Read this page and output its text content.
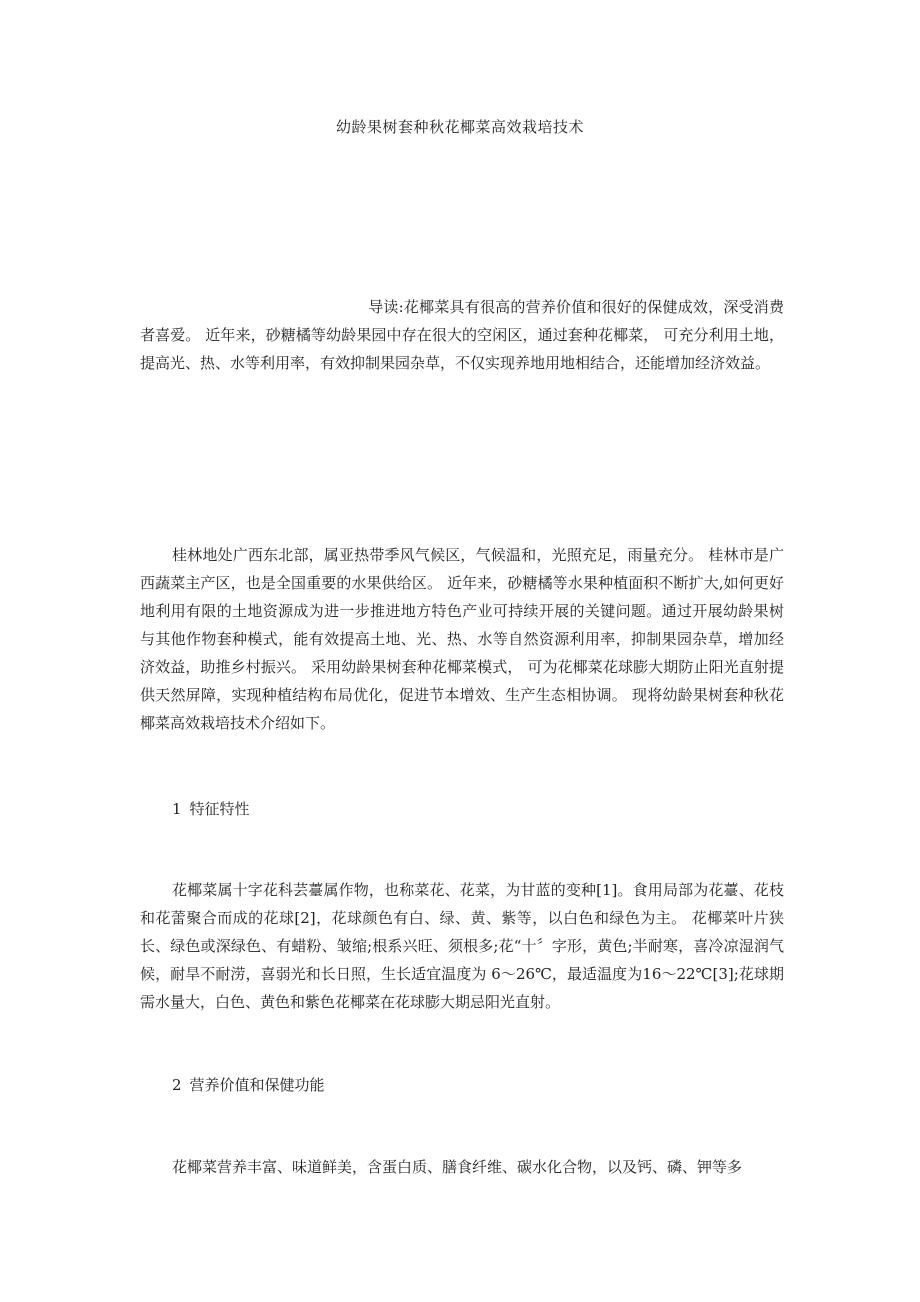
幼龄果树套种秋花椰菜高效栽培技术

导读:花椰菜具有很高的营养价值和很好的保健成效，深受消费者喜爱。 近年来，砂糖橘等幼龄果园中存在很大的空闲区，通过套种花椰菜， 可充分利用土地，提高光、热、水等利用率，有效抑制果园杂草，不仅实现养地用地相结合，还能增加经济效益。

桂林地处广西东北部，属亚热带季风气候区，气候温和，光照充足，雨量充分。 桂林市是广西蔬菜主产区，也是全国重要的水果供给区。 近年来，砂糖橘等水果种植面积不断扩大,如何更好地利用有限的土地资源成为进一步推进地方特色产业可持续开展的关键问题。通过开展幼龄果树与其他作物套种模式，能有效提高土地、光、热、水等自然资源利用率，抑制果园杂草，增加经济效益，助推乡村振兴。 采用幼龄果树套种花椰菜模式， 可为花椰菜花球膨大期防止阳光直射提供天然屏障，实现种植结构布局优化，促进节本增效、生产生态相协调。 现将幼龄果树套种秋花椰菜高效栽培技术介绍如下。

1 特征特性

花椰菜属十字花科芸薹属作物，也称菜花、花菜，为甘蓝的变种[1]。食用局部为花薹、花枝和花蕾聚合而成的花球[2]，花球颜色有白、绿、黄、紫等，以白色和绿色为主。 花椰菜叶片狭长、绿色或深绿色、有蜡粉、皱缩;根系兴旺、须根多;花“十〞字形，黄色;半耐寒，喜冷凉湿润气候，耐旱不耐涝，喜弱光和长日照，生长适宜温度为 6～26℃，最适温度为16～22℃[3];花球期需水量大，白色、黄色和紫色花椰菜在花球膨大期忌阳光直射。

2 营养价值和保健功能

花椰菜营养丰富、味道鲜美，含蛋白质、膳食纤维、碳水化合物，以及钙、磷、钾等多
